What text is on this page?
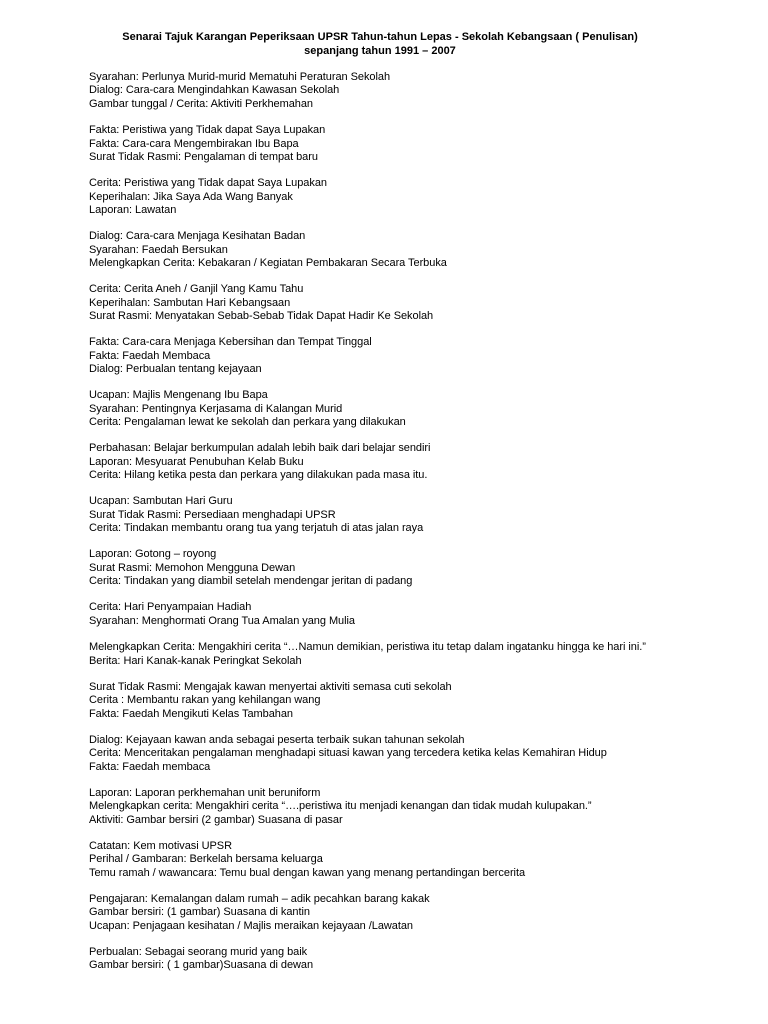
Senarai Tajuk Karangan Peperiksaan UPSR Tahun-tahun Lepas - Sekolah Kebangsaan ( Penulisan)
sepanjang tahun 1991 – 2007
Syarahan: Perlunya Murid-murid Mematuhi Peraturan Sekolah
Dialog: Cara-cara Mengindahkan Kawasan Sekolah
Gambar tunggal / Cerita: Aktiviti Perkhemahan
Fakta: Peristiwa yang Tidak dapat Saya Lupakan
Fakta: Cara-cara Mengembirakan Ibu Bapa
Surat Tidak Rasmi: Pengalaman di tempat baru
Cerita: Peristiwa yang Tidak dapat Saya Lupakan
Keperihalan: Jika Saya Ada Wang Banyak
Laporan: Lawatan
Dialog: Cara-cara Menjaga Kesihatan Badan
Syarahan: Faedah Bersukan
Melengkapkan Cerita: Kebakaran / Kegiatan Pembakaran Secara Terbuka
Cerita: Cerita Aneh / Ganjil Yang Kamu Tahu
Keperihalan: Sambutan Hari Kebangsaan
Surat Rasmi: Menyatakan Sebab-Sebab Tidak Dapat Hadir Ke Sekolah
Fakta: Cara-cara Menjaga Kebersihan dan Tempat Tinggal
Fakta: Faedah Membaca
Dialog: Perbualan tentang kejayaan
Ucapan: Majlis Mengenang Ibu Bapa
Syarahan: Pentingnya Kerjasama di Kalangan Murid
Cerita: Pengalaman lewat ke sekolah dan perkara yang dilakukan
Perbahasan: Belajar berkumpulan adalah lebih baik dari belajar sendiri
Laporan: Mesyuarat Penubuhan Kelab Buku
Cerita: Hilang ketika pesta dan perkara yang dilakukan pada masa itu.
Ucapan: Sambutan Hari Guru
Surat Tidak Rasmi: Persediaan menghadapi UPSR
Cerita: Tindakan membantu orang tua yang terjatuh di atas jalan raya
Laporan: Gotong – royong
Surat Rasmi: Memohon Mengguna Dewan
Cerita: Tindakan yang diambil setelah mendengar jeritan di padang
Cerita: Hari Penyampaian Hadiah
Syarahan: Menghormati Orang Tua Amalan yang Mulia
Melengkapkan Cerita: Mengakhiri cerita “…Namun demikian, peristiwa itu tetap dalam ingatanku hingga ke hari ini.”
Berita: Hari Kanak-kanak Peringkat Sekolah
Surat Tidak Rasmi: Mengajak kawan menyertai aktiviti semasa cuti sekolah
Cerita : Membantu rakan yang kehilangan wang
Fakta: Faedah Mengikuti Kelas Tambahan
Dialog: Kejayaan kawan anda sebagai peserta terbaik sukan tahunan sekolah
Cerita: Menceritakan pengalaman menghadapi situasi kawan yang tercedera ketika kelas Kemahiran Hidup
Fakta: Faedah membaca
Laporan: Laporan perkhemahan unit beruniform
Melengkapkan cerita: Mengakhiri cerita “….peristiwa itu menjadi kenangan dan tidak mudah kulupakan.”
Aktiviti: Gambar bersiri (2 gambar) Suasana di pasar
Catatan: Kem motivasi UPSR
Perihal / Gambaran: Berkelah bersama keluarga
Temu ramah / wawancara: Temu bual dengan kawan yang menang pertandingan bercerita
Pengajaran: Kemalangan dalam rumah – adik pecahkan barang kakak
Gambar bersiri: (1 gambar) Suasana di kantin
Ucapan: Penjagaan kesihatan / Majlis meraikan kejayaan /Lawatan
Perbualan: Sebagai seorang murid yang baik
Gambar bersiri: ( 1 gambar)Suasana di dewan
